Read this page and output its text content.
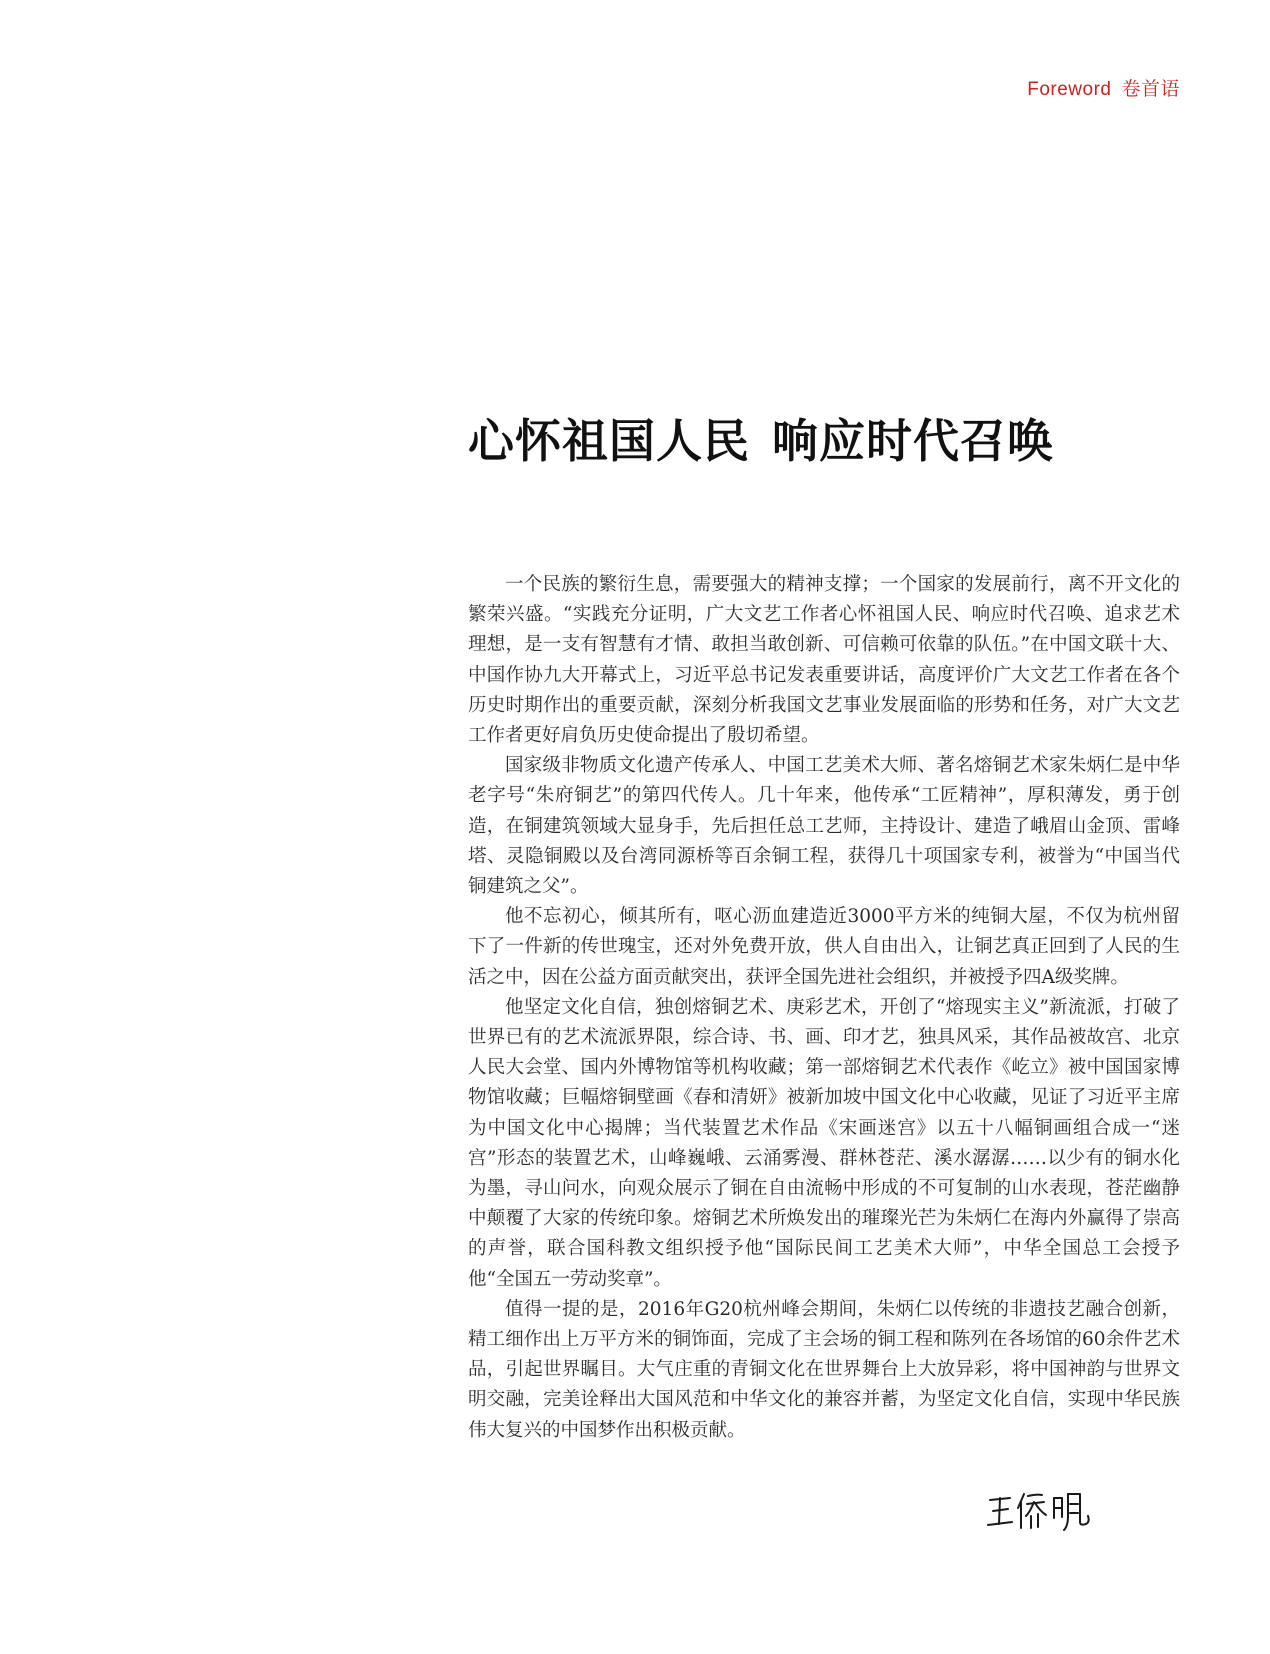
Foreword 卷首语
心怀祖国人民 响应时代召唤

一个民族的繁衍生息，需要强大的精神支撑；一个国家的发展前行，离不开文化的繁荣兴盛。“实践充分证明，广大文艺工作者心怀祖国人民、响应时代召唤、追求艺术理想，是一支有智慧有才情、敢担当敢创新、可信赖可依靠的队伍。”在中国文联十大、中国作协九大开幕式上，习近平总书记发表重要讲话，高度评价广大文艺工作者在各个历史时期作出的重要贡献，深刻分析我国文艺事业发展面临的形势和任务，对广大文艺工作者更好肩负历史使命提出了殷切希望。

国家级非物质文化遗产传承人、中国工艺美术大师、著名熔铜艺术家朱炳仁是中华老字号“朱府铜艺”的第四代传人。几十年来，他传承“工匠精神”，厚积薄发，勇于创造，在铜建筑领域大显身手，先后担任总工艺师，主持设计、建造了峨眉山金顶、雷峰塔、灵隐铜殿以及台湾同源桥等百余铜工程，获得几十项国家专利，被誉为“中国当代铜建筑之父”。

他不忘初心，倾其所有，呕心沥血建造近3000平方米的纯铜大屋，不仅为杭州留下了一件新的传世瑰宝，还对外免费开放，供人自由出入，让铜艺真正回到了人民的生活之中，因在公益方面贡献突出，获评全国先进社会组织，并被授予四A级奖牌。

他坚定文化自信，独创熔铜艺术、庚彩艺术，开创了“熔现实主义”新流派，打破了世界已有的艺术流派界限，综合诗、书、画、印才艺，独具风采，其作品被故宫、北京人民大会堂、国内外博物馆等机构收藏；第一部熔铜艺术代表作《屹立》被中国国家博物馆收藏；巨幅熔铜壁画《春和清妍》被新加坡中国文化中心收藏，见证了习近平主席为中国文化中心揭牌；当代装置艺术作品《宋画迷宫》以五十八幅铜画组合成一“迷宫”形态的装置艺术，山峰巍峨、云涌雾漫、群林苍茫、溪水潺潺……以少有的铜水化为墨，寻山问水，向观众展示了铜在自由流畅中形成的不可复制的山水表现，苍茫幽静中颠覆了大家的传统印象。熔铜艺术所焕发出的璀璨光芒为朱炳仁在海内外赢得了崇高的声誉，联合国科教文组织授予他“国际民间工艺美术大师”，中华全国总工会授予他“全国五一劳动奖章”。

值得一提的是，2016年G20杭州峰会期间，朱炳仁以传统的非遗技艺融合创新，精工细作出上万平方米的铜饰面，完成了主会场的铜工程和陈列在各场馆的60余件艺术品，引起世界瞩目。大气庄重的青铜文化在世界舞台上大放异彩，将中国神韵与世界文明交融，完美诠释出大国风范和中华文化的兼容并蓄，为坚定文化自信，实现中华民族伟大复兴的中国梦作出积极贡献。
